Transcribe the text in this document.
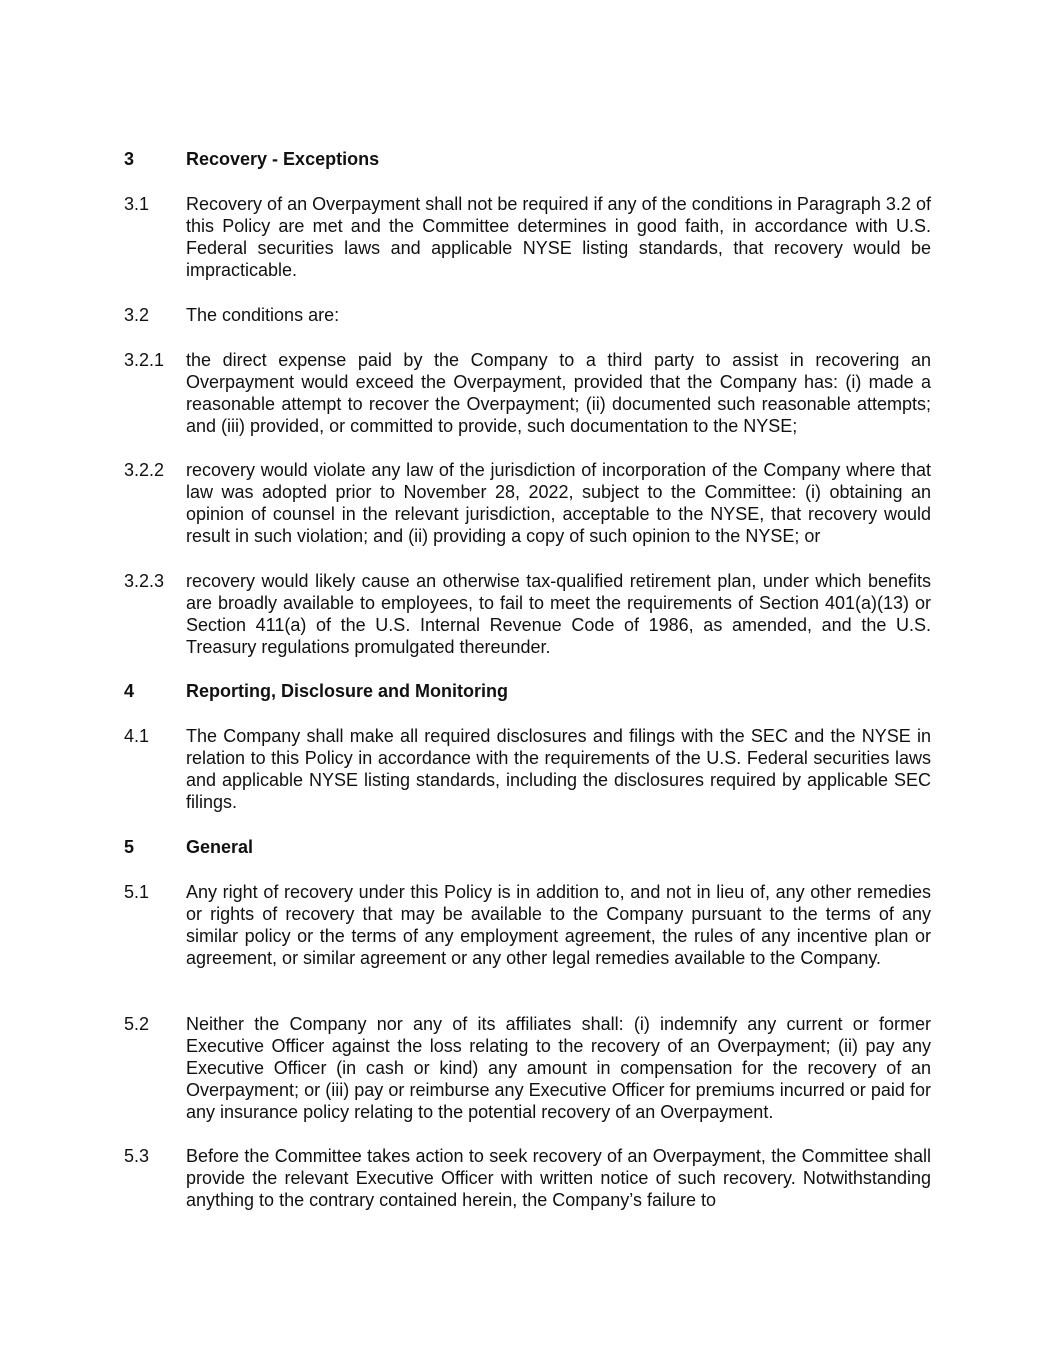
3	Recovery - Exceptions
3.1 Recovery of an Overpayment shall not be required if any of the conditions in Paragraph 3.2 of this Policy are met and the Committee determines in good faith, in accordance with U.S. Federal securities laws and applicable NYSE listing standards, that recovery would be impracticable.
3.2 The conditions are:
3.2.1 the direct expense paid by the Company to a third party to assist in recovering an Overpayment would exceed the Overpayment, provided that the Company has: (i) made a reasonable attempt to recover the Overpayment; (ii) documented such reasonable attempts; and (iii) provided, or committed to provide, such documentation to the NYSE;
3.2.2 recovery would violate any law of the jurisdiction of incorporation of the Company where that law was adopted prior to November 28, 2022, subject to the Committee: (i) obtaining an opinion of counsel in the relevant jurisdiction, acceptable to the NYSE, that recovery would result in such violation; and (ii) providing a copy of such opinion to the NYSE; or
3.2.3 recovery would likely cause an otherwise tax-qualified retirement plan, under which benefits are broadly available to employees, to fail to meet the requirements of Section 401(a)(13) or Section 411(a) of the U.S. Internal Revenue Code of 1986, as amended, and the U.S. Treasury regulations promulgated thereunder.
4	Reporting, Disclosure and Monitoring
4.1 The Company shall make all required disclosures and filings with the SEC and the NYSE in relation to this Policy in accordance with the requirements of the U.S. Federal securities laws and applicable NYSE listing standards, including the disclosures required by applicable SEC filings.
5	General
5.1 Any right of recovery under this Policy is in addition to, and not in lieu of, any other remedies or rights of recovery that may be available to the Company pursuant to the terms of any similar policy or the terms of any employment agreement, the rules of any incentive plan or agreement, or similar agreement or any other legal remedies available to the Company.
5.2 Neither the Company nor any of its affiliates shall: (i) indemnify any current or former Executive Officer against the loss relating to the recovery of an Overpayment; (ii) pay any Executive Officer (in cash or kind) any amount in compensation for the recovery of an Overpayment; or (iii) pay or reimburse any Executive Officer for premiums incurred or paid for any insurance policy relating to the potential recovery of an Overpayment.
5.3 Before the Committee takes action to seek recovery of an Overpayment, the Committee shall provide the relevant Executive Officer with written notice of such recovery. Notwithstanding anything to the contrary contained herein, the Company’s failure to
